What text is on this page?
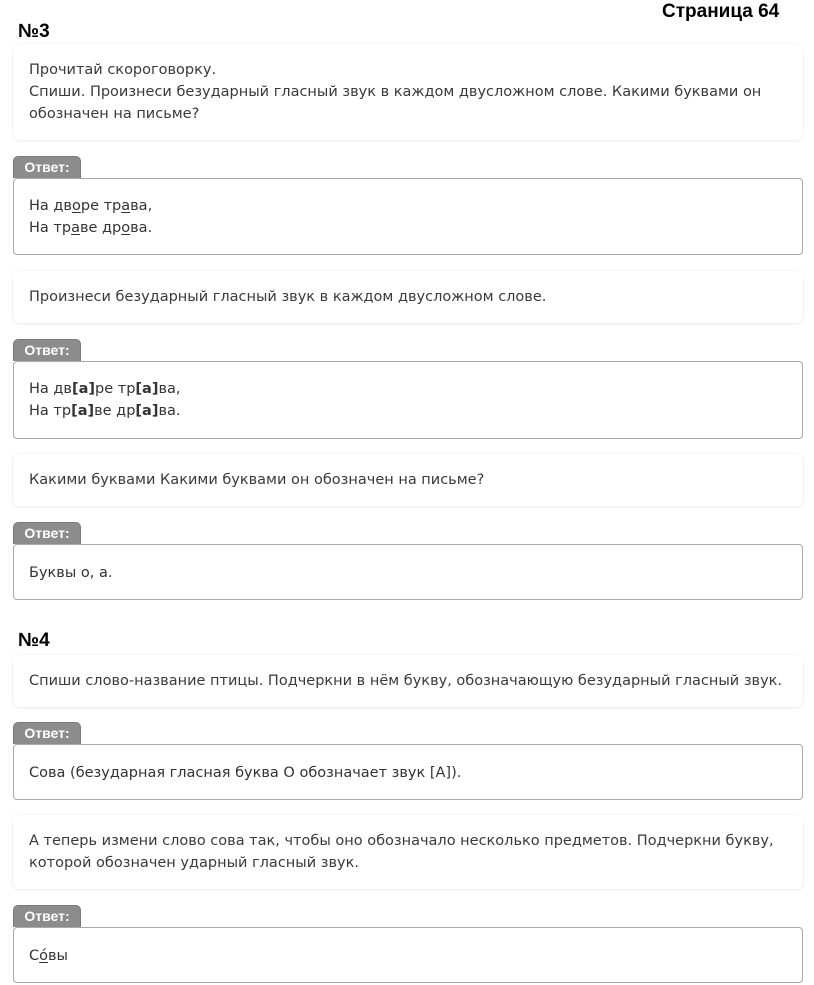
Страница 64
№3
Прочитай скороговорку.
Спиши. Произнеси безударный гласный звук в каждом двусложном слове. Какими буквами он
обозначен на письме?
Ответ:
На дворе трава,
На траве дрова.
Произнеси безударный гласный звук в каждом двусложном слове.
Ответ:
На дв[а]ре тр[а]ва,
На тр[а]ве др[а]ва.
Какими буквами Какими буквами он обозначен на письме?
Ответ:
Буквы о, а.
№4
Спиши слово-название птицы. Подчеркни в нём букву, обозначающую безударный гласный звук.
Ответ:
Сова (безударная гласная буква О обозначает звук [А]).
А теперь измени слово сова так, чтобы оно обозначало несколько предметов. Подчеркни букву,
которой обозначен ударный гласный звук.
Ответ:
Со́вы
